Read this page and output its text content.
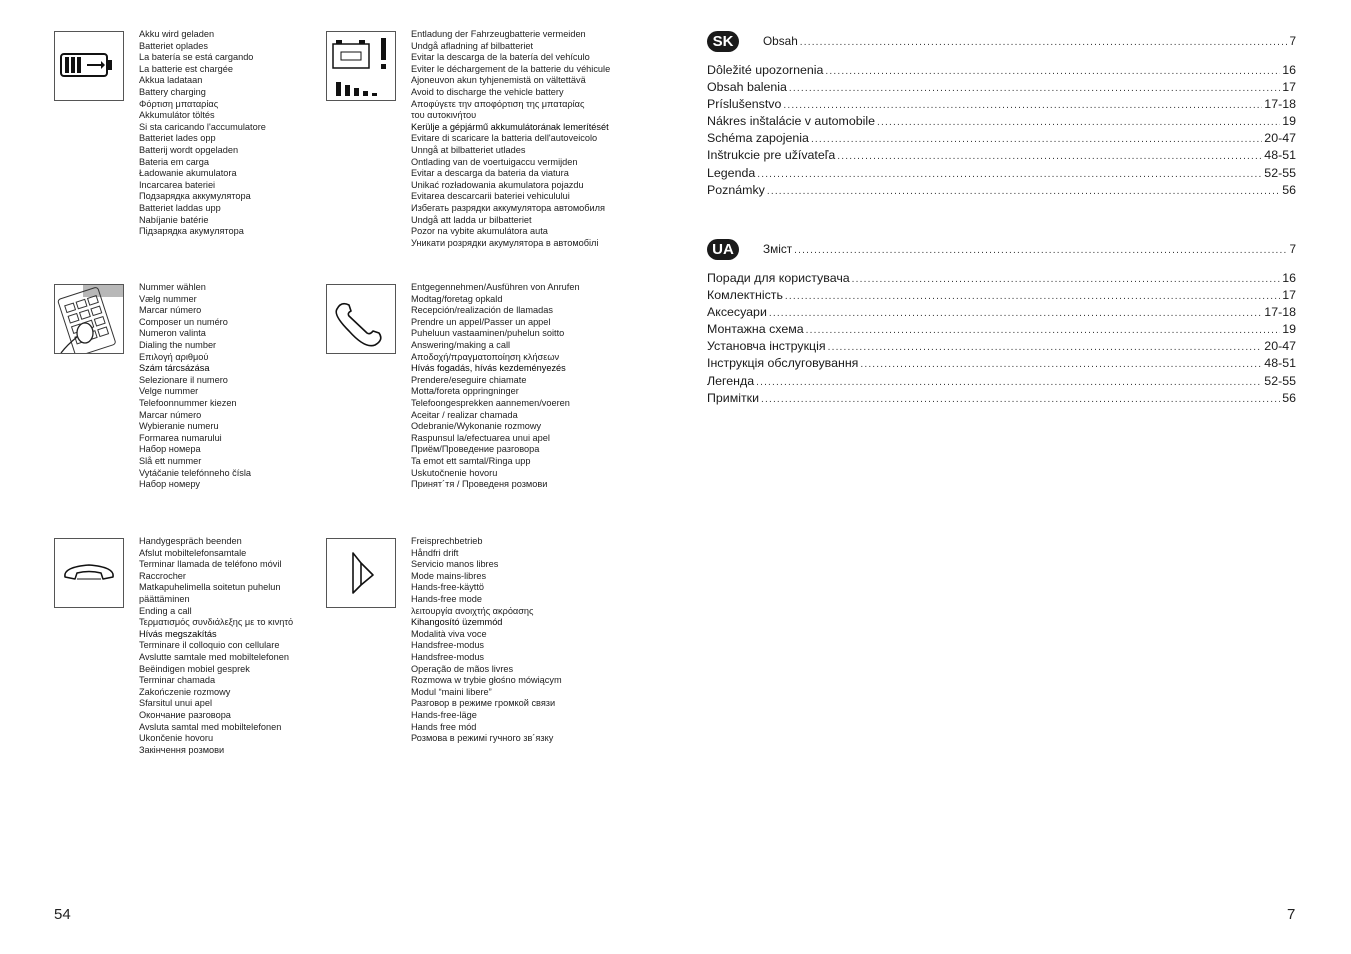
Akku wird geladen
Batteriet oplades
La batería se está cargando
La batterie est chargée
Akkua ladataan
Battery charging
Φόρτιση μπαταρίας
Akkumulátor töltés
Si sta caricando l'accumulatore
Batteriet lades opp
Batterij wordt opgeladen
Bateria em carga
Ładowanie akumulatora
Incarcarea bateriei
Подзарядка аккумулятора
Batteriet laddas upp
Nabíjanie batérie
Підзарядка акумулятора
Entladung der Fahrzeugbatterie vermeiden
Undgå afladning af bilbatteriet
Evitar la descarga de la batería del vehículo
Eviter le déchargement de la batterie du véhicule
Ajoneuvon akun tyhjenemistä on vältettävä
Avoid to discharge the vehicle battery
Αποφύγετε την αποφόρτιση της μπαταρίας
του αυτοκινήτου
Kerülje a gépjármű akkumulátorának lemerítését
Evitare di scaricare la batteria dell'autoveicolo
Unngå at bilbatteriet utlades
Ontlading van de voertuigaccu vermijden
Evitar a descarga da bateria da viatura
Unikać rozładowania akumulatora pojazdu
Evitarea descarcarii bateriei vehiculului
Избегать разрядки аккумулятора автомобиля
Undgå att ladda ur bilbatteriet
Pozor na vybite akumulátora auta
Уникати розрядки акумулятора в автомобілі
Nummer wählen
Vælg nummer
Marcar número
Composer un numéro
Numeron valinta
Dialing the number
Επιλογή αριθμού
Szám tárcsázása
Selezionare il numero
Velge nummer
Telefoonnummer kiezen
Marcar número
Wybieranie numeru
Formarea numarului
Набор номера
Slå ett nummer
Vytáčanie telefónneho čísla
Набор номеру
Entgegennehmen/Ausführen von Anrufen
Modtag/foretag opkald
Recepción/realización de llamadas
Prendre un appel/Passer un appel
Puheluun vastaaminen/puhelun soitto
Answering/making a call
Αποδοχή/πραγματοποίηση κλήσεων
Hívás fogadás, hívás kezdeményezés
Prendere/eseguire chiamate
Motta/foreta oppringninger
Telefoongesprekken aannemen/voeren
Aceitar / realizar chamada
Odebranie/Wykonanie rozmowy
Raspunsul la/efectuarea unui apel
Приём/Проведение разговора
Ta emot ett samtal/Ringa upp
Uskutočnenie hovoru
Принят´тя / Проведеня розмови
Handygespräch beenden
Afslut mobiltelefonsamtale
Terminar llamada de teléfono móvil
Raccrocher
Matkapuhelimella soitetun puhelun
päättäminen
Ending a call
Τερματισμός συνδιάλεξης με το κινητό
Hívás megszakítás
Terminare il colloquio con cellulare
Avslutte samtale med mobiltelefonen
Beëindigen mobiel gesprek
Terminar chamada
Zakończenie rozmowy
Sfarsitul unui apel
Окончание разговора
Avsluta samtal med mobiltelefonen
Ukončenie hovoru
Закінчення розмови
Freisprechbetrieb
Håndfri drift
Servicio manos libres
Mode mains-libres
Hands-free-käyttö
Hands-free mode
λειτουργία ανοιχτής ακρόασης
Kihangosító üzemmód
Modalità viva voce
Handsfree-modus
Handsfree-modus
Operação de mãos livres
Rozmowa w trybie głośno mówiącym
Modul “maini libere”
Разговор в режиме громкой связи
Hands-free-läge
Hands free mód
Розмова в режимі гучного зв´язку
54
SK	Obsah .....	7
Dôležité upozornenia .....	16
Obsah balenia .....	17
Príslušenstvo .....	17-18
Nákres inštalácie v automobile .....	19
Schéma zapojenia .....	20-47
Inštrukcie pre užívateľa .....	48-51
Legenda .....	52-55
Poznámky .....	56
UA	Зміст .....	7
Поради для користувача .....	16
Комлектність .....	17
Аксесуари .....	17-18
Монтажна схема .....	19
Установча інструкція .....	20-47
Інструкція обслуговування .....	48-51
Легенда .....	52-55
Примітки .....	56
7
